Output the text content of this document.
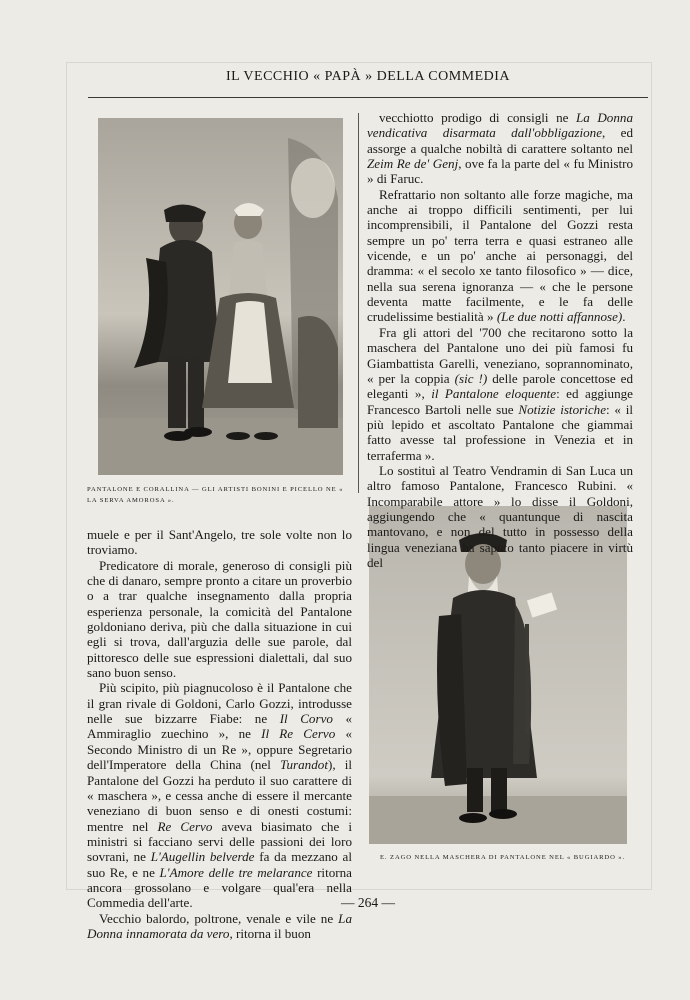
IL VECCHIO « PAPÀ » DELLA COMMEDIA
PANTALONE E CORALLINA — GLI ARTISTI BONINI E PICELLO NE « LA SERVA AMOROSA ».
E. ZAGO NELLA MASCHERA DI PANTALONE NEL « BUGIARDO ».

vecchiotto prodigo di consigli ne La Donna vendicativa disarmata dall'obbligazione, ed assorge a qualche nobiltà di carattere soltanto nel Zeim Re de' Genj, ove fa la parte del « fu Ministro » di Faruc.

Refrattario non soltanto alle forze magiche, ma anche ai troppo difficili sentimenti, per lui incomprensibili, il Pantalone del Gozzi resta sempre un po' terra terra e quasi estraneo alle vicende, e un po' anche ai personaggi, del dramma: « el secolo xe tanto filosofico » — dice, nella sua serena ignoranza — « che le persone deventa matte facilmente, e le fa delle crudelissime bestialità » (Le due notti affannose).

Fra gli attori del '700 che recitarono sotto la maschera del Pantalone uno dei più famosi fu Giambattista Garelli, veneziano, soprannominato, « per la coppia (sic !) delle parole concettose ed eleganti », il Pantalone eloquente: ed aggiunge Francesco Bartoli nelle sue Notizie istoriche: « il più lepido et ascoltato Pantalone che giammai fatto avesse tal professione in Venezia et in terraferma ».

Lo sostituì al Teatro Vendramin di San Luca un altro famoso Pantalone, Francesco Rubini. « Incomparabile attore » lo disse il Goldoni, aggiungendo che « quantunque di nascita mantovano, e non del tutto in possesso della lingua veneziana ha saputo tanto piacere in virtù del

muele e per il Sant'Angelo, tre sole volte non lo troviamo.

Predicatore di morale, generoso di consigli più che di danaro, sempre pronto a citare un proverbio o a trar qualche insegnamento dalla propria esperienza personale, la comicità del Pantalone goldoniano deriva, più che dalla situazione in cui egli si trova, dall'arguzia delle sue parole, dal pittoresco delle sue espressioni dialettali, dal suo sano buon senso.

Più scipito, più piagnucoloso è il Pantalone che il gran rivale di Goldoni, Carlo Gozzi, introdusse nelle sue bizzarre Fiabe: ne Il Corvo « Ammiraglio zuechino », ne Il Re Cervo « Secondo Ministro di un Re », oppure Segretario dell'Imperatore della China (nel Turandot), il Pantalone del Gozzi ha perduto il suo carattere di « maschera », e cessa anche di essere il mercante veneziano di buon senso e di onesti costumi: mentre nel Re Cervo aveva biasimato che i ministri si facciano servi delle passioni dei loro sovrani, ne L'Augellin belverde fa da mezzano al suo Re, e ne L'Amore delle tre melarance ritorna ancora grossolano e volgare qual'era nella Commedia dell'arte.

Vecchio balordo, poltrone, venale e vile ne La Donna innamorata da vero, ritorna il buon

— 264 —
